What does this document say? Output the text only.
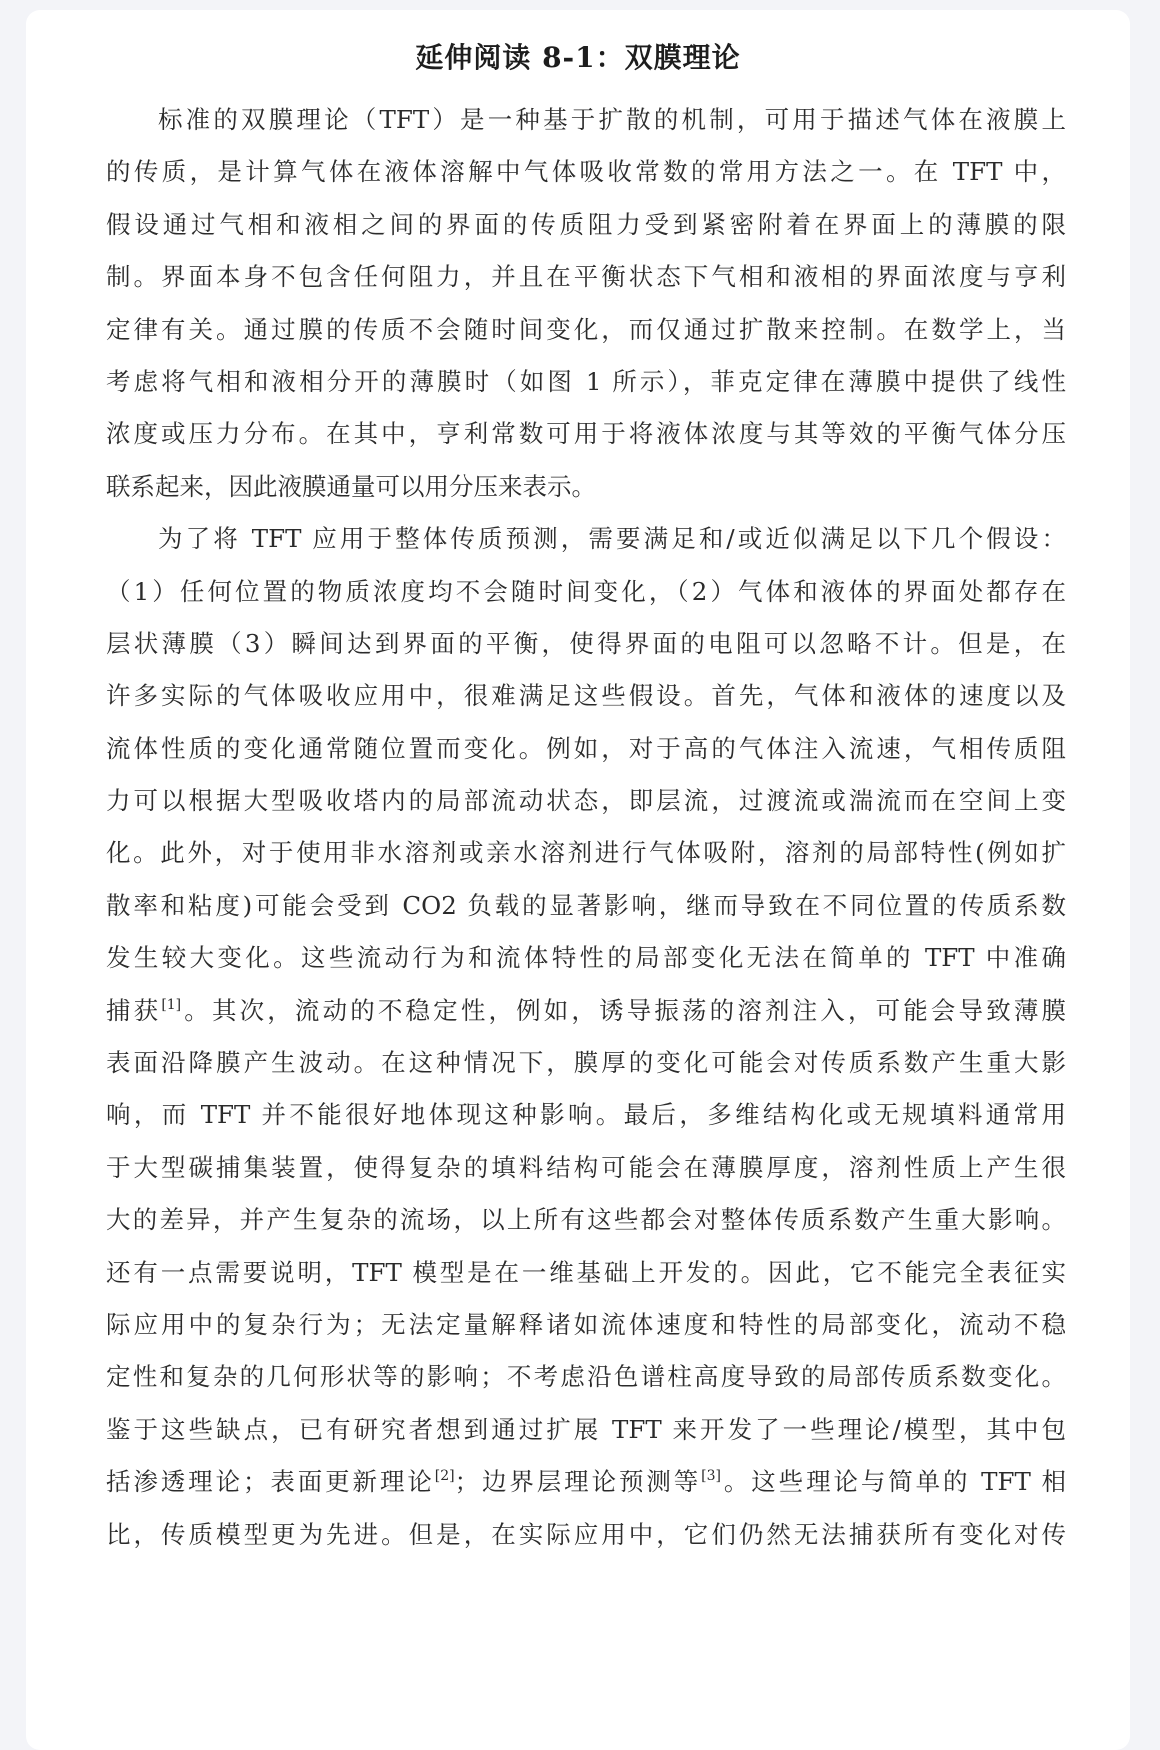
延伸阅读 8-1：双膜理论
标准的双膜理论（TFT）是一种基于扩散的机制，可用于描述气体在液膜上
的传质，是计算气体在液体溶解中气体吸收常数的常用方法之一。在 TFT 中，
假设通过气相和液相之间的界面的传质阻力受到紧密附着在界面上的薄膜的限
制。界面本身不包含任何阻力，并且在平衡状态下气相和液相的界面浓度与亨利
定律有关。通过膜的传质不会随时间变化，而仅通过扩散来控制。在数学上，当
考虑将气相和液相分开的薄膜时（如图 1 所示），菲克定律在薄膜中提供了线性
浓度或压力分布。在其中，亨利常数可用于将液体浓度与其等效的平衡气体分压
联系起来，因此液膜通量可以用分压来表示。
为了将 TFT 应用于整体传质预测，需要满足和/或近似满足以下几个假设：
（1）任何位置的物质浓度均不会随时间变化，（2）气体和液体的界面处都存在
层状薄膜（3）瞬间达到界面的平衡，使得界面的电阻可以忽略不计。但是，在
许多实际的气体吸收应用中，很难满足这些假设。首先，气体和液体的速度以及
流体性质的变化通常随位置而变化。例如，对于高的气体注入流速，气相传质阻
力可以根据大型吸收塔内的局部流动状态，即层流，过渡流或湍流而在空间上变
化。此外，对于使用非水溶剂或亲水溶剂进行气体吸附，溶剂的局部特性(例如扩
散率和粘度)可能会受到 CO2 负载的显著影响，继而导致在不同位置的传质系数
发生较大变化。这些流动行为和流体特性的局部变化无法在简单的 TFT 中准确
捕获[1]。其次，流动的不稳定性，例如，诱导振荡的溶剂注入，可能会导致薄膜
表面沿降膜产生波动。在这种情况下，膜厚的变化可能会对传质系数产生重大影
响，而 TFT 并不能很好地体现这种影响。最后，多维结构化或无规填料通常用
于大型碳捕集装置，使得复杂的填料结构可能会在薄膜厚度，溶剂性质上产生很
大的差异，并产生复杂的流场，以上所有这些都会对整体传质系数产生重大影响。
还有一点需要说明，TFT 模型是在一维基础上开发的。因此，它不能完全表征实
际应用中的复杂行为；无法定量解释诸如流体速度和特性的局部变化，流动不稳
定性和复杂的几何形状等的影响；不考虑沿色谱柱高度导致的局部传质系数变化。
鉴于这些缺点，已有研究者想到通过扩展 TFT 来开发了一些理论/模型，其中包
括渗透理论；表面更新理论[2]；边界层理论预测等[3]。这些理论与简单的 TFT 相
比，传质模型更为先进。但是，在实际应用中，它们仍然无法捕获所有变化对传
